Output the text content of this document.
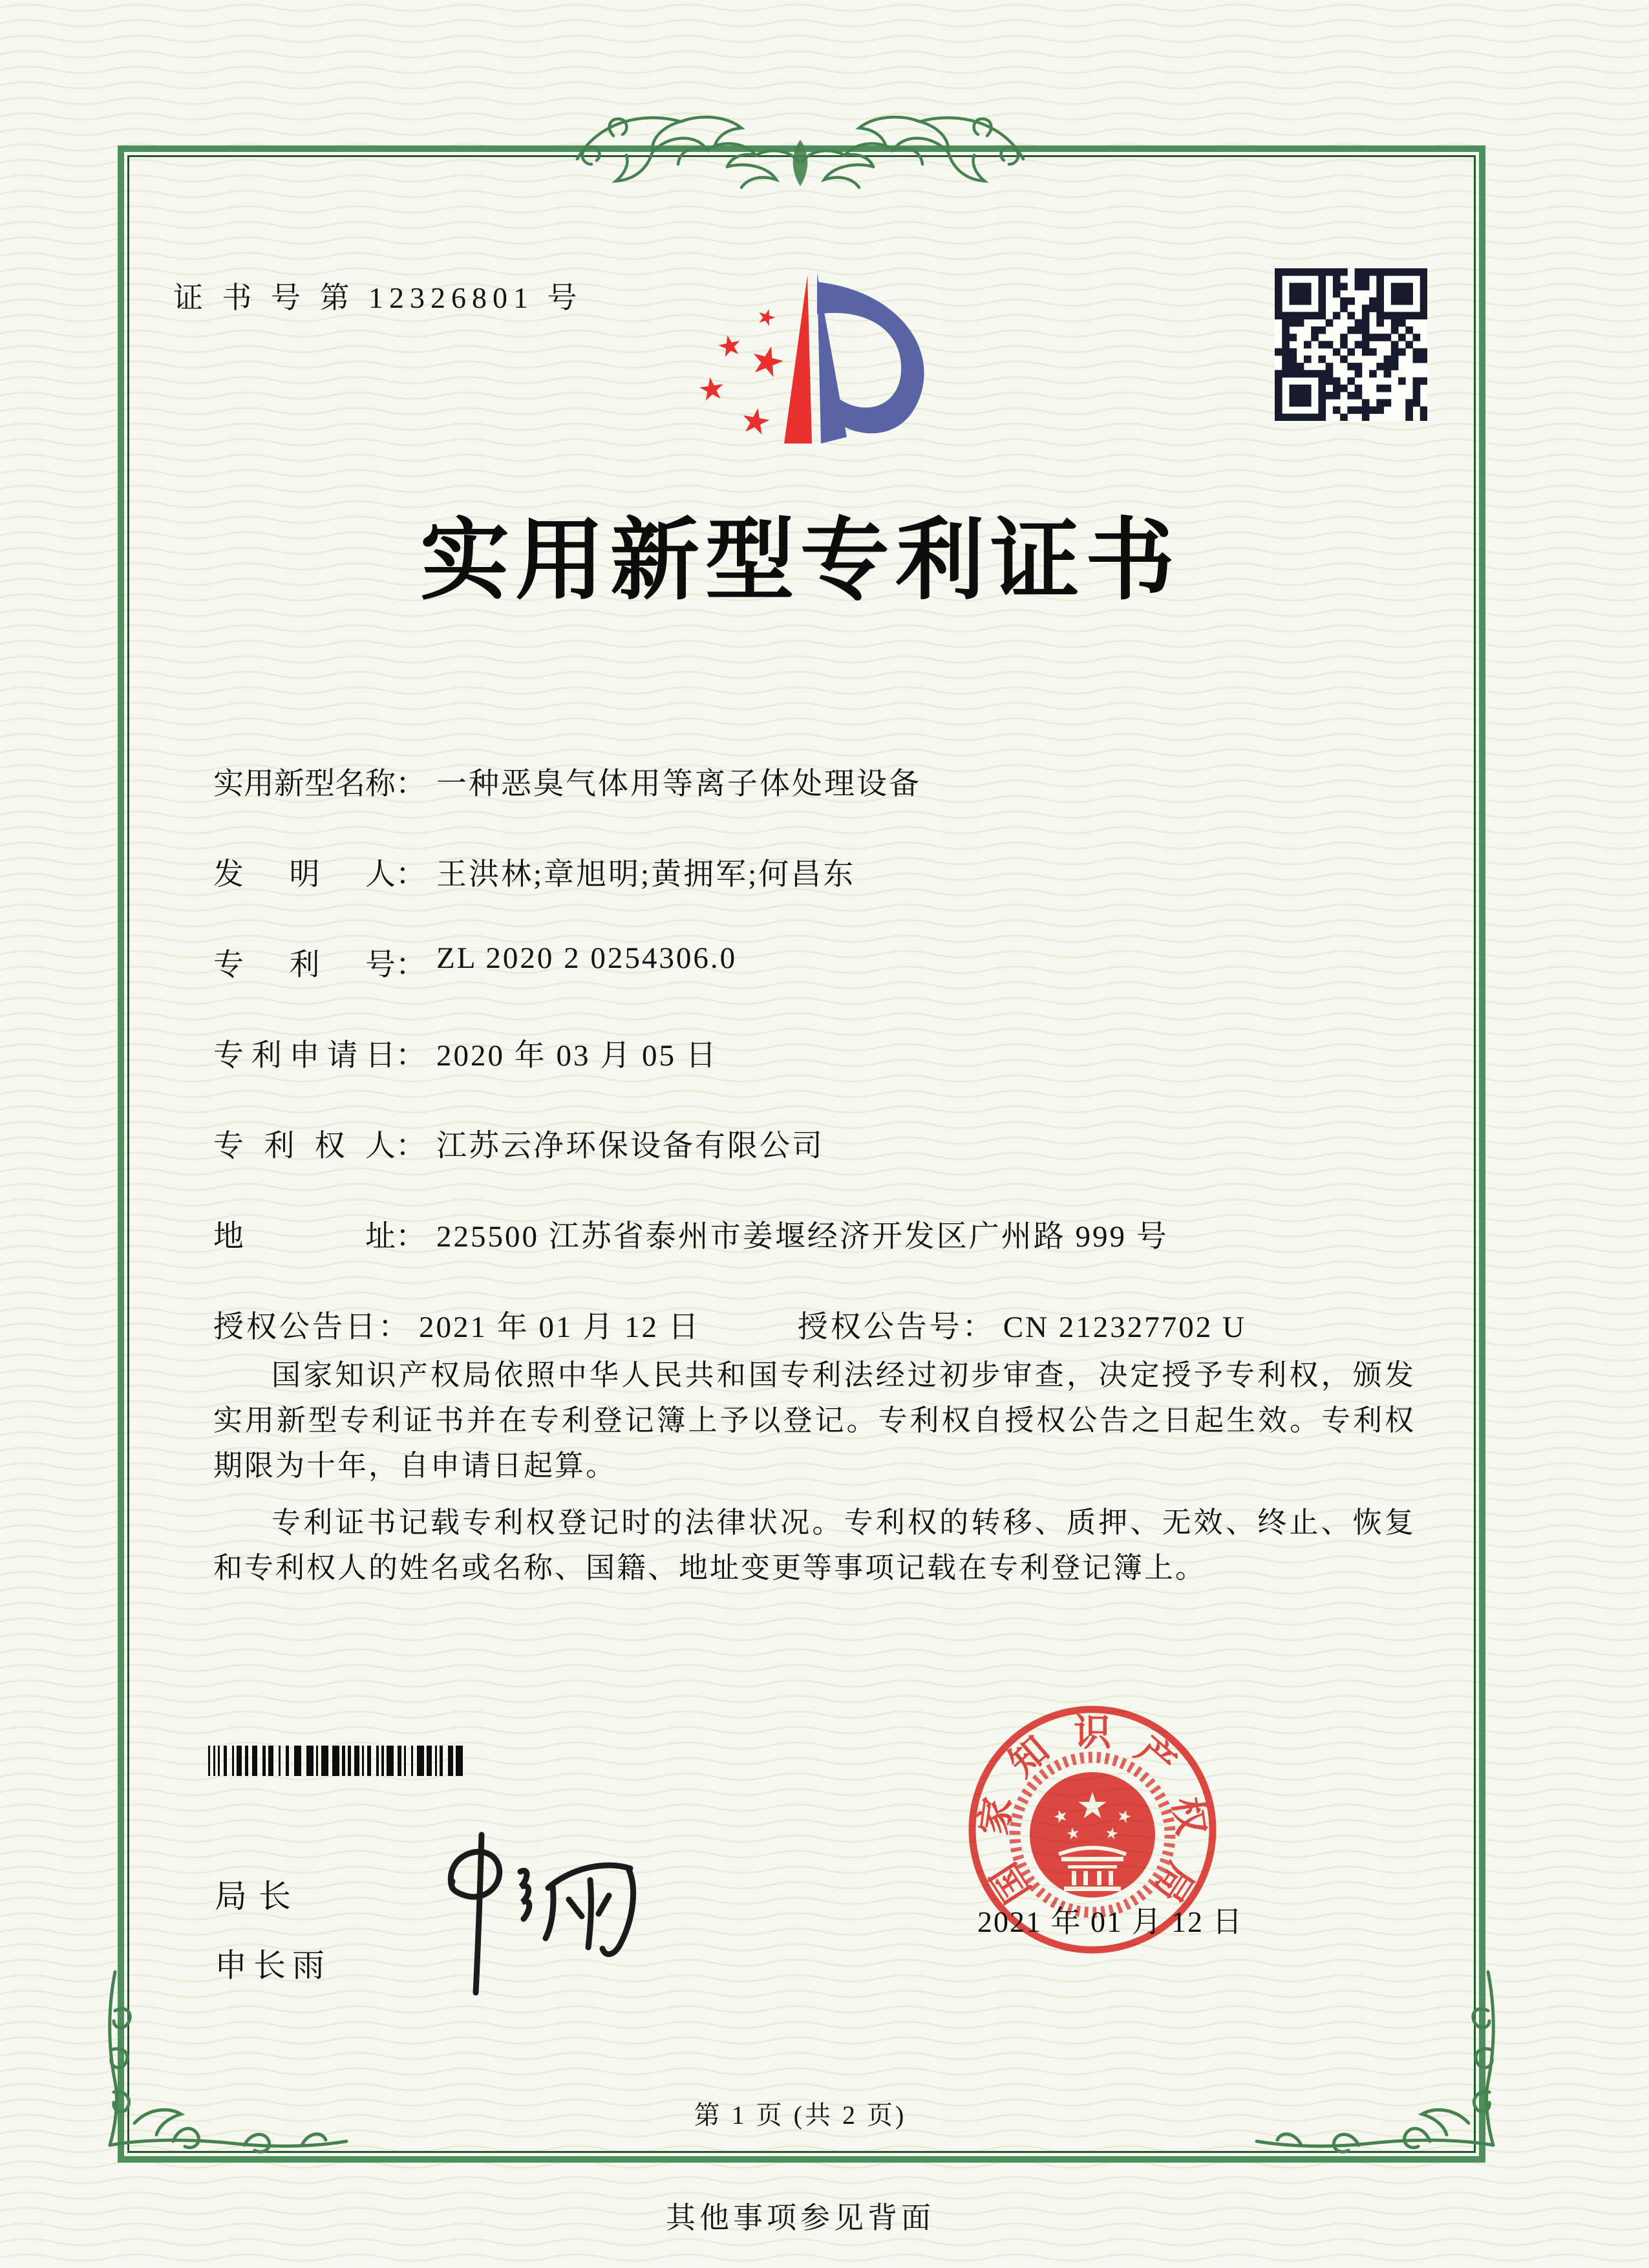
证 书 号 第 12326801 号
★
★
★
★
★
实用新型专利证书
实用新型名称 ： 一种恶臭气体用等离子体处理设备
发明人 ： 王洪林;章旭明;黄拥军;何昌东
专利号 ： ZL 2020 2 0254306.0
专利申请日 ： 2020 年 03 月 05 日
专利权人 ： 江苏云净环保设备有限公司
地址 ： 225500 江苏省泰州市姜堰经济开发区广州路 999 号
授权公告日： 2021 年 01 月 12 日	授权公告号： CN 212327702 U

国家知识产权局依照中华人民共和国专利法经过初步审查，决定授予专利权，颁发实用新型专利证书并在专利登记簿上予以登记。专利权自授权公告之日起生效。专利权期限为十年，自申请日起算。

专利证书记载专利权登记时的法律状况。专利权的转移、质押、无效、终止、恢复和专利权人的姓名或名称、国籍、地址变更等事项记载在专利登记簿上。

局长
申长雨
国
家
知 识 产
权
局
★
★	★
★ ★
2021 年 01 月 12 日
第 1 页 (共 2 页)
其他事项参见背面
